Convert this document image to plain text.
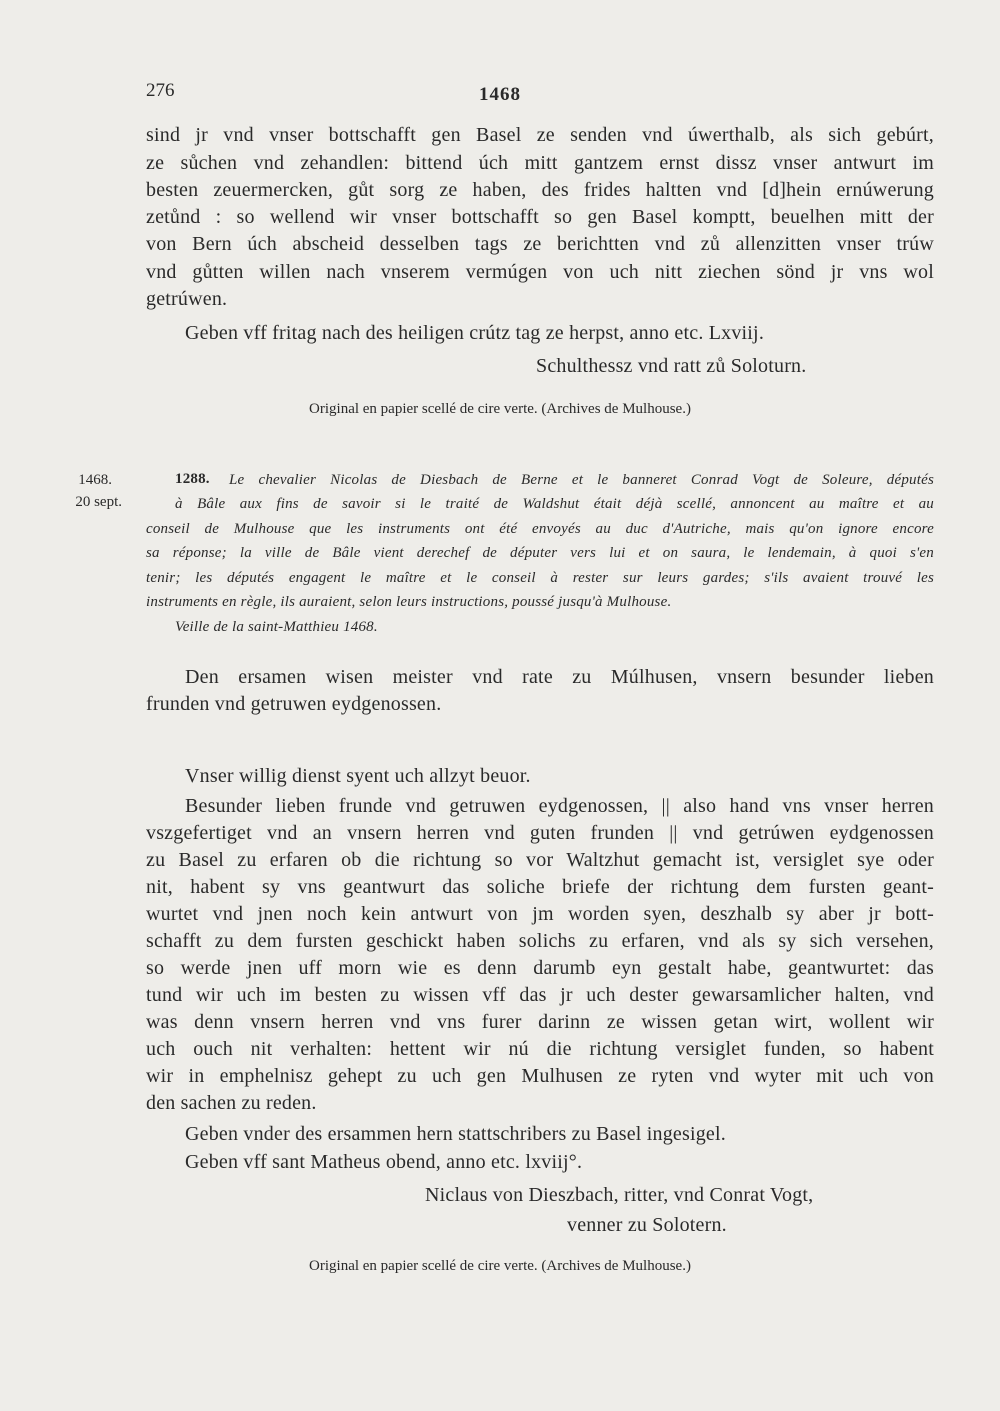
276	1468
sind jr vnd vnser bottschafft gen Basel ze senden vnd úwerthalb, als sich gebúrt,
ze sůchen vnd zehandlen: bittend úch mitt gantzem ernst dissz vnser antwurt im
besten zeuermercken, gůt sorg ze haben, des frides haltten vnd [d]hein ernúwerung
zetůnd : so wellend wir vnser bottschafft so gen Basel komptt, beuelhen mitt der
von Bern úch abscheid desselben tags ze berichtten vnd zů allenzitten vnser trúw
vnd gůtten willen nach vnserem vermúgen von uch nitt ziechen sönd jr vns wol
getrúwen.
Geben vff fritag nach des heiligen crútz tag ze herpst, anno etc. Lxviij.
Schulthessz vnd ratt zů Soloturn.
Original en papier scellé de cire verte. (Archives de Mulhouse.)
1468.
20 sept.
1288. Le chevalier Nicolas de Diesbach de Berne et le banneret Conrad Vogt de Soleure, députés
à Bâle aux fins de savoir si le traité de Waldshut était déjà scellé, annoncent au maître et au
conseil de Mulhouse que les instruments ont été envoyés au duc d'Autriche, mais qu'on ignore encore
sa réponse; la ville de Bâle vient derechef de députer vers lui et on saura, le lendemain, à quoi s'en
tenir; les députés engagent le maître et le conseil à rester sur leurs gardes; s'ils avaient trouvé les
instruments en règle, ils auraient, selon leurs instructions, poussé jusqu'à Mulhouse.
Veille de la saint-Matthieu 1468.
Den ersamen wisen meister vnd rate zu Múlhusen, vnsern besunder lieben
frunden vnd getruwen eydgenossen.
Vnser willig dienst syent uch allzyt beuor.
Besunder lieben frunde vnd getruwen eydgenossen, || also hand vns vnser herren
vszgefertiget vnd an vnsern herren vnd guten frunden || vnd getrúwen eydgenossen
zu Basel zu erfaren ob die richtung so vor Waltzhut gemacht ist, versiglet sye oder
nit, habent sy vns geantwurt das soliche briefe der richtung dem fursten geant-
wurtet vnd jnen noch kein antwurt von jm worden syen, deszhalb sy aber jr bott-
schafft zu dem fursten geschickt haben solichs zu erfaren, vnd als sy sich versehen,
so werde jnen uff morn wie es denn darumb eyn gestalt habe, geantwurtet: das
tund wir uch im besten zu wissen vff das jr uch dester gewarsamlicher halten, vnd
was denn vnsern herren vnd vns furer darinn ze wissen getan wirt, wollent wir
uch ouch nit verhalten: hettent wir nú die richtung versiglet funden, so habent
wir in emphelnisz gehept zu uch gen Mulhusen ze ryten vnd wyter mit uch von
den sachen zu reden.
Geben vnder des ersammen hern stattschribers zu Basel ingesigel.
Geben vff sant Matheus obend, anno etc. lxviij°.
Niclaus von Dieszbach, ritter, vnd Conrat Vogt,
venner zu Solotern.
Original en papier scellé de cire verte. (Archives de Mulhouse.)
